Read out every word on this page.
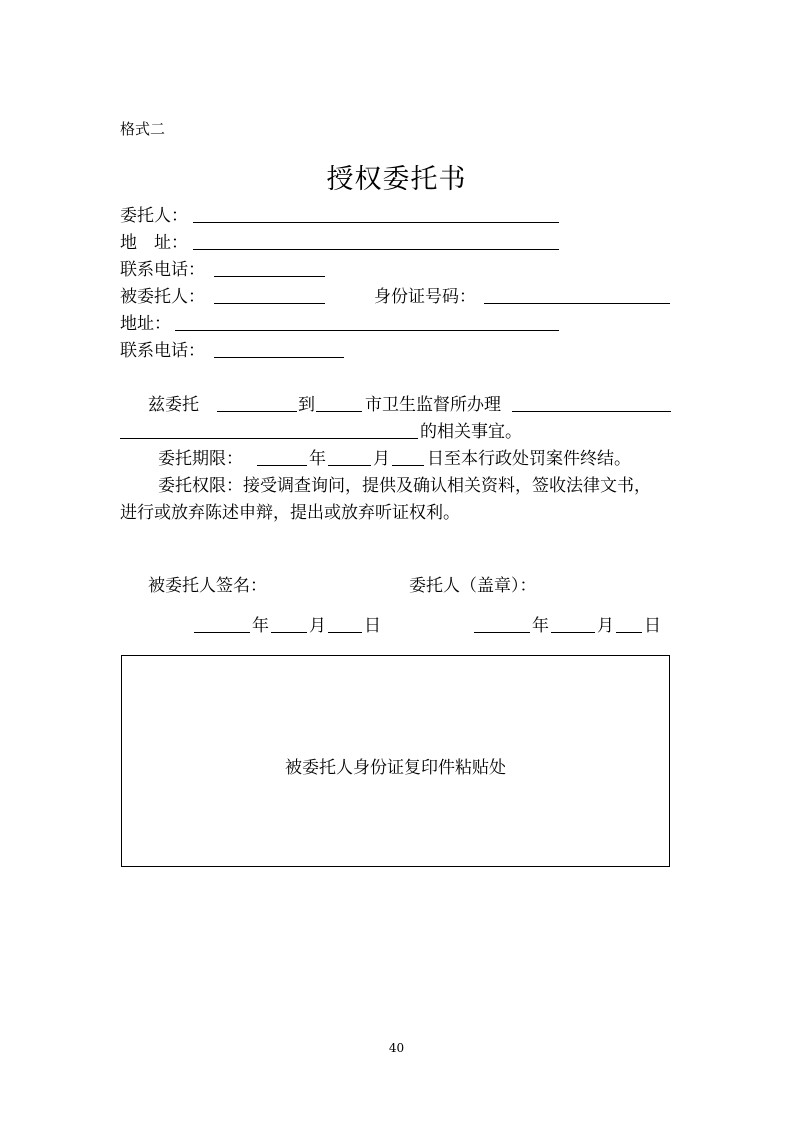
格式二
授权委托书
委托人：
地　址：
联系电话：
被委托人：	身份证号码：
地址：
联系电话：
兹委托	到	市卫生监督所办理
的相关事宜。
委托期限：	年	月 日至本行政处罚案件终结。
委托权限：接受调查询问，提供及确认相关资料，签收法律文书，
进行或放弃陈述申辩，提出或放弃听证权利。
被委托人签名：	委托人（盖章）：
年 月 日	年	月 日
被委托人身份证复印件粘贴处
40
